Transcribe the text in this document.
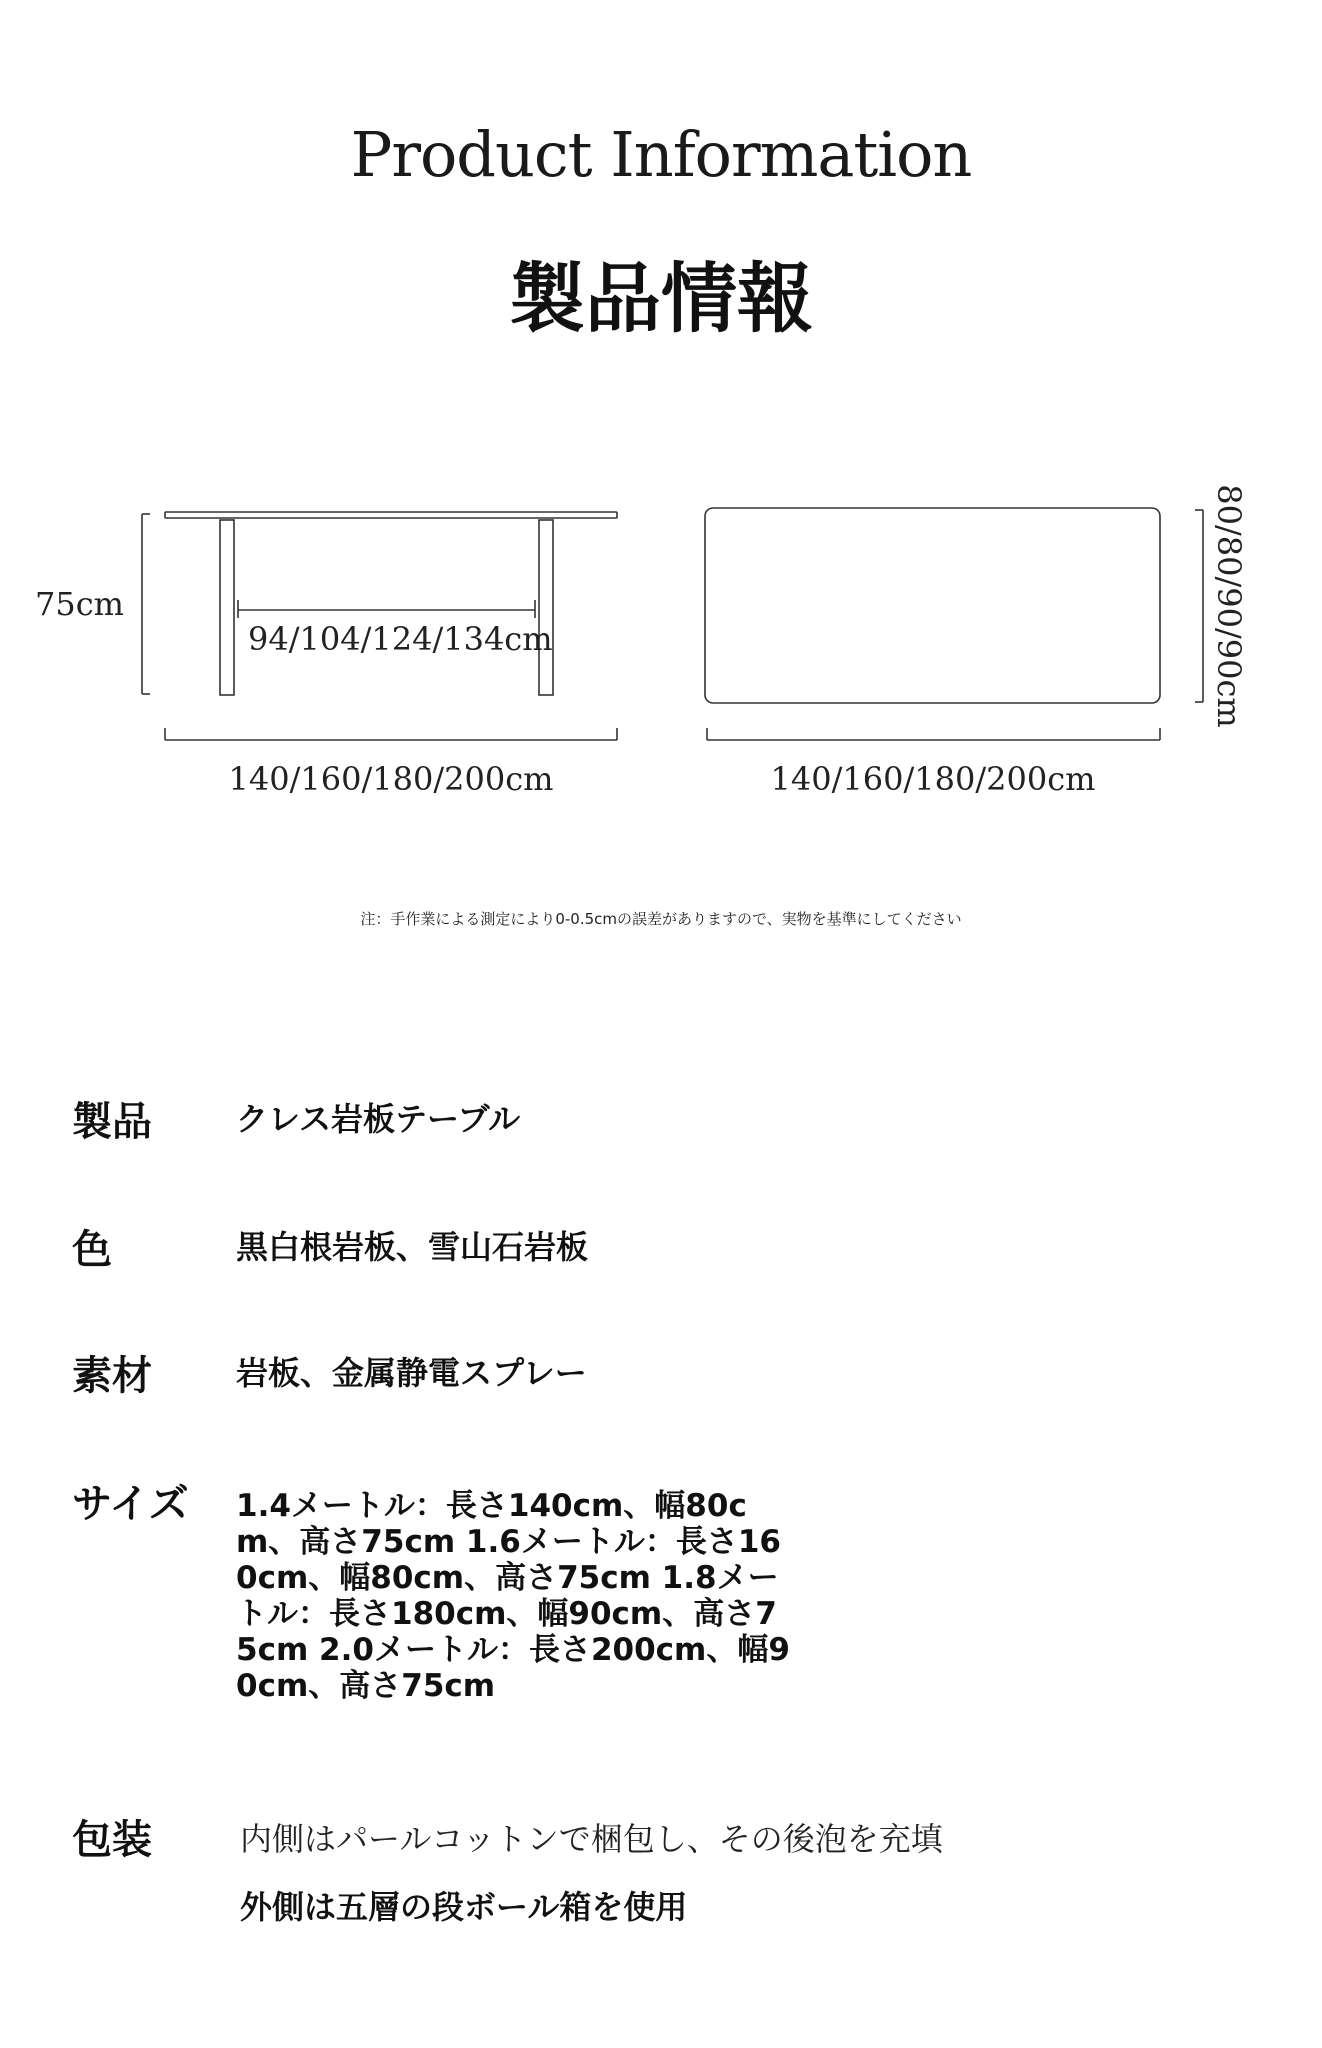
Product Information
製品情報
75cm
94/104/124/134cm
140/160/180/200cm	140/160/180/200cm
80/80/90/90cm
注：手作業による測定により0-0.5cmの誤差がありますので、実物を基準にしてください
製品	クレス岩板テーブル
色	黒白根岩板、雪山石岩板
素材	岩板、金属静電スプレー
サイズ 1.4メートル：長さ140cm、幅80cm、高さ75cm 1.6メートル：長さ160cm、幅80cm、高さ75cm 1.8メートル：長さ180cm、幅90cm、高さ75cm 2.0メートル：長さ200cm、幅90cm、高さ75cm
包装	内側はパールコットンで梱包し、その後泡を充填
外側は五層の段ボール箱を使用
